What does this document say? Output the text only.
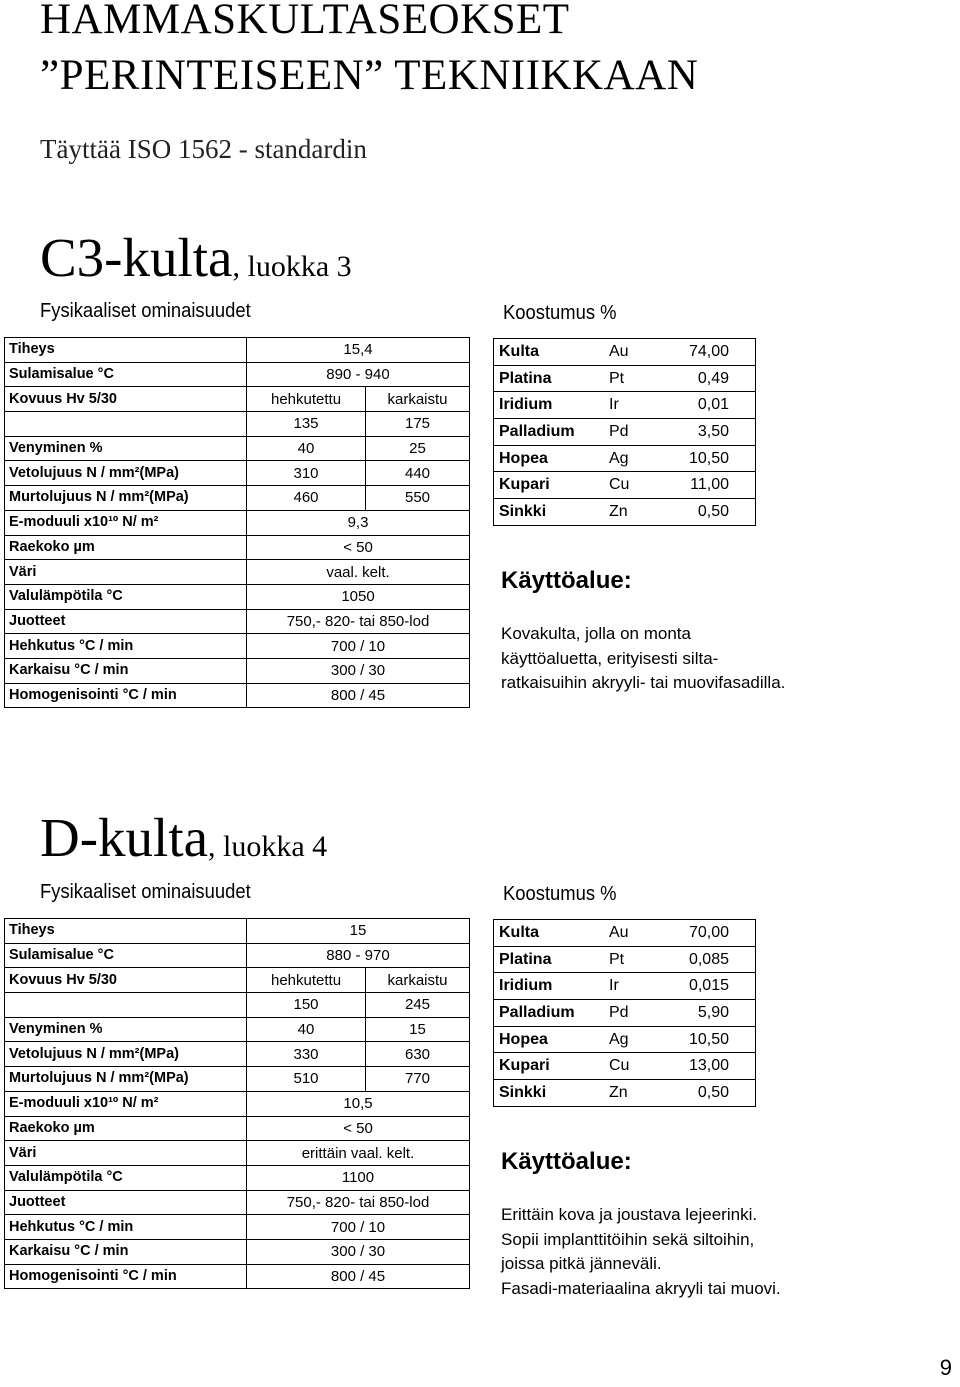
HAMMASKULTASEOKSET
”PERINTEISEEN” TEKNIIKKAAN
Täyttää ISO 1562 - standardin
C3-kulta, luokka 3
Fysikaaliset ominaisuudet	Koostumus %
Tiheys	15,4	
Sulamisalue °C	890 - 940	
Kovuus Hv 5/30	hehkutettu	karkaistu
	135	175
Venyminen %	40	25
Vetolujuus N / mm²(MPa)	310	440
Murtolujuus N / mm²(MPa)	460	550
E-moduuli x10¹º N/ m²	9,3	
Raekoko µm	< 50	
Väri	vaal. kelt.	
Valulämpötila °C	1050	
Juotteet	750,- 820- tai 850-lod	
Hehkutus °C / min	700 / 10	
Karkaisu °C / min	300 / 30	
Homogenisointi °C / min	800 / 45	
Kulta	Au	74,00
Platina	Pt	0,49
Iridium	Ir	0,01
Palladium	Pd	3,50
Hopea	Ag	10,50
Kupari	Cu	11,00
Sinkki	Zn	0,50
Käyttöalue:
Kovakulta, jolla on monta
käyttöaluetta, erityisesti silta-
ratkaisuihin akryyli- tai muovifasadilla.
D-kulta, luokka 4
Fysikaaliset ominaisuudet	Koostumus %
Tiheys	15	
Sulamisalue °C	880 - 970	
Kovuus Hv 5/30	hehkutettu	karkaistu
	150	245
Venyminen %	40	15
Vetolujuus N / mm²(MPa)	330	630
Murtolujuus N / mm²(MPa)	510	770
E-moduuli x10¹º N/ m²	10,5	
Raekoko µm	< 50	
Väri	erittäin vaal. kelt.	
Valulämpötila °C	1100	
Juotteet	750,- 820- tai 850-lod	
Hehkutus °C / min	700 / 10	
Karkaisu °C / min	300 / 30	
Homogenisointi °C / min	800 / 45	
Kulta	Au	70,00
Platina	Pt	0,085
Iridium	Ir	0,015
Palladium	Pd	5,90
Hopea	Ag	10,50
Kupari	Cu	13,00
Sinkki	Zn	0,50
Käyttöalue:
Erittäin kova ja joustava lejeerinki.
Sopii implanttitöihin sekä siltoihin,
joissa pitkä jänneväli.
Fasadi-materiaalina akryyli tai muovi.
9
